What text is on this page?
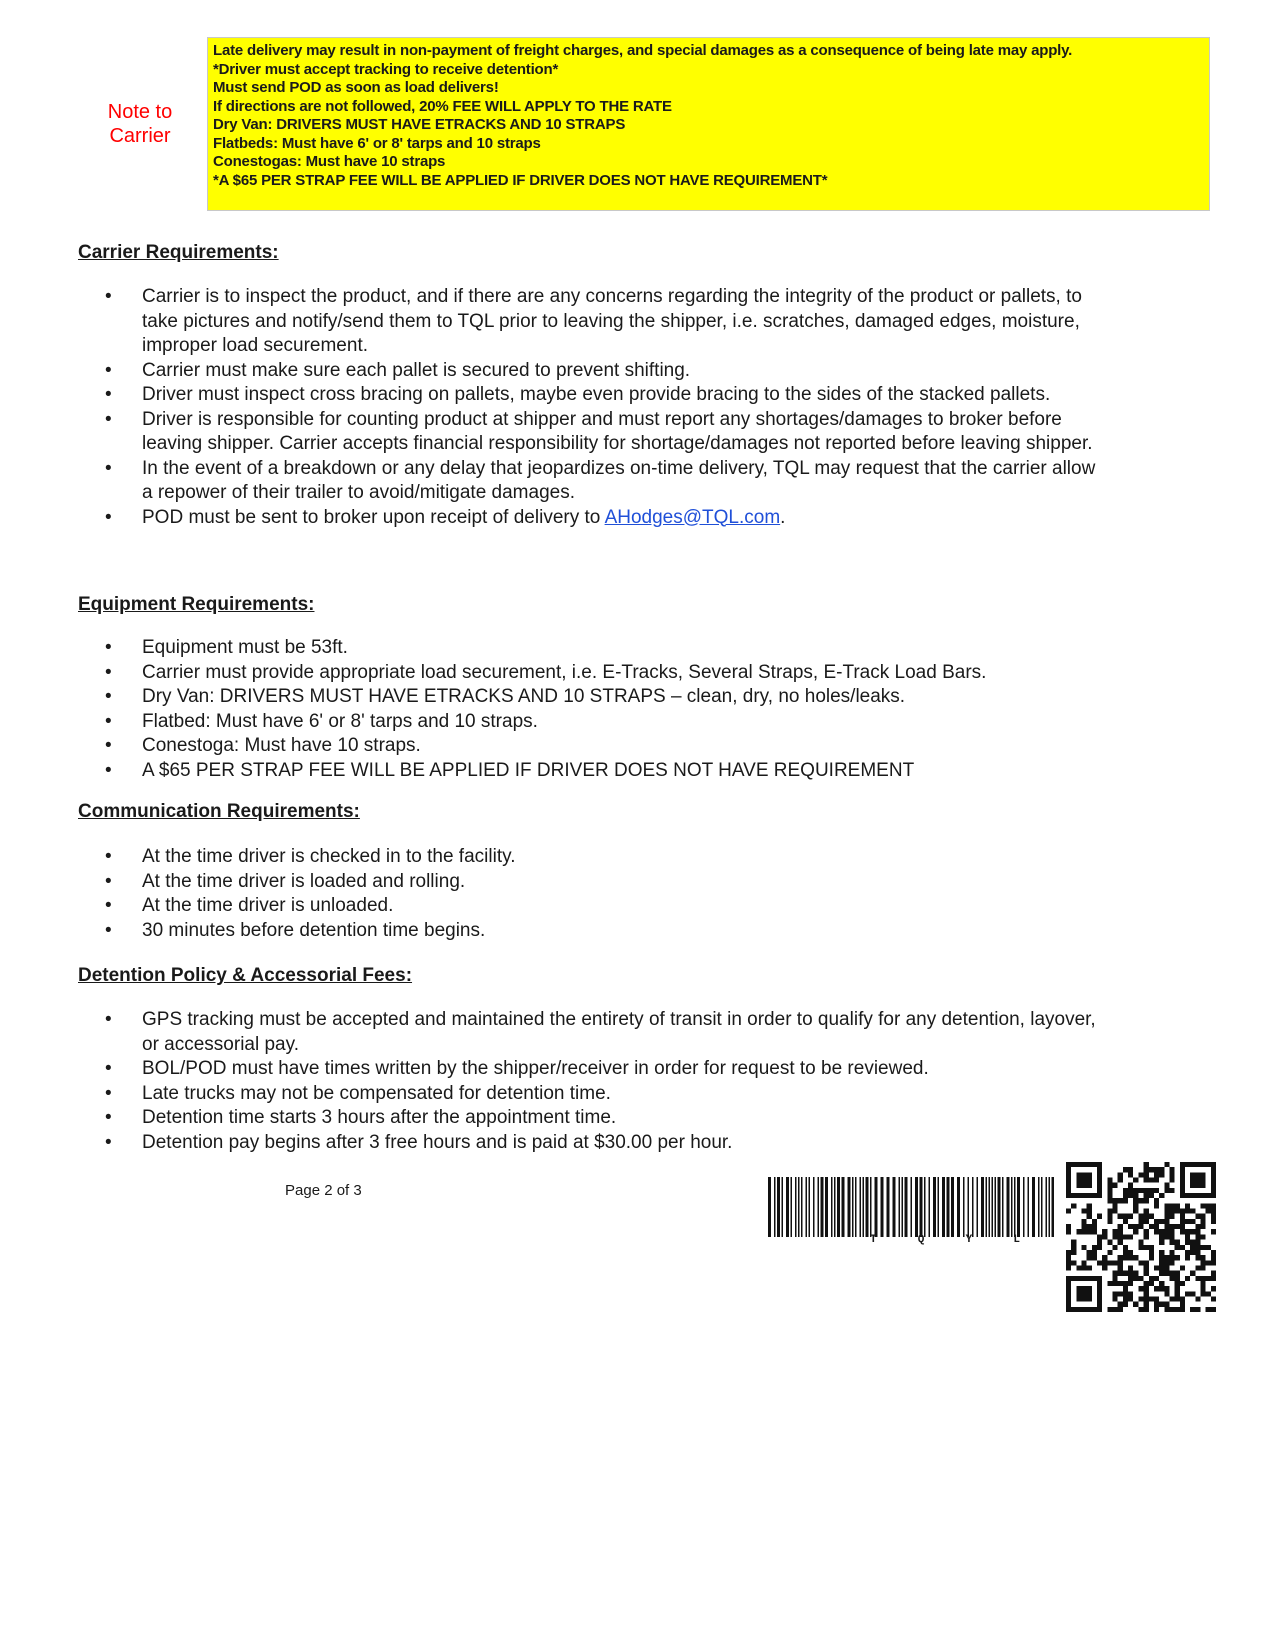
Note to
Carrier
Late delivery may result in non-payment of freight charges, and special damages as a consequence of being late may apply.
*Driver must accept tracking to receive detention*
Must send POD as soon as load delivers!
If directions are not followed, 20% FEE WILL APPLY TO THE RATE
Dry Van: DRIVERS MUST HAVE ETRACKS AND 10 STRAPS
Flatbeds: Must have 6' or 8' tarps and 10 straps
Conestogas: Must have 10 straps
*A $65 PER STRAP FEE WILL BE APPLIED IF DRIVER DOES NOT HAVE REQUIREMENT*
Carrier Requirements:
• Carrier is to inspect the product, and if there are any concerns regarding the integrity of the product or pallets, to take pictures and notify/send them to TQL prior to leaving the shipper, i.e. scratches, damaged edges, moisture, improper load securement.
• Carrier must make sure each pallet is secured to prevent shifting.
• Driver must inspect cross bracing on pallets, maybe even provide bracing to the sides of the stacked pallets.
• Driver is responsible for counting product at shipper and must report any shortages/damages to broker before leaving shipper. Carrier accepts financial responsibility for shortage/damages not reported before leaving shipper.
• In the event of a breakdown or any delay that jeopardizes on-time delivery, TQL may request that the carrier allow a repower of their trailer to avoid/mitigate damages.
• POD must be sent to broker upon receipt of delivery to AHodges@TQL.com.
Equipment Requirements:
• Equipment must be 53ft.
• Carrier must provide appropriate load securement, i.e. E-Tracks, Several Straps, E-Track Load Bars.
• Dry Van: DRIVERS MUST HAVE ETRACKS AND 10 STRAPS – clean, dry, no holes/leaks.
• Flatbed: Must have 6' or 8' tarps and 10 straps.
• Conestoga: Must have 10 straps.
• A $65 PER STRAP FEE WILL BE APPLIED IF DRIVER DOES NOT HAVE REQUIREMENT
Communication Requirements:
• At the time driver is checked in to the facility.
• At the time driver is loaded and rolling.
• At the time driver is unloaded.
• 30 minutes before detention time begins.
Detention Policy & Accessorial Fees:
• GPS tracking must be accepted and maintained the entirety of transit in order to qualify for any detention, layover, or accessorial pay.
• BOL/POD must have times written by the shipper/receiver in order for request to be reviewed.
• Late trucks may not be compensated for detention time.
• Detention time starts 3 hours after the appointment time.
• Detention pay begins after 3 free hours and is paid at $30.00 per hour.
Page 2 of 3
T	Q	Y	L
